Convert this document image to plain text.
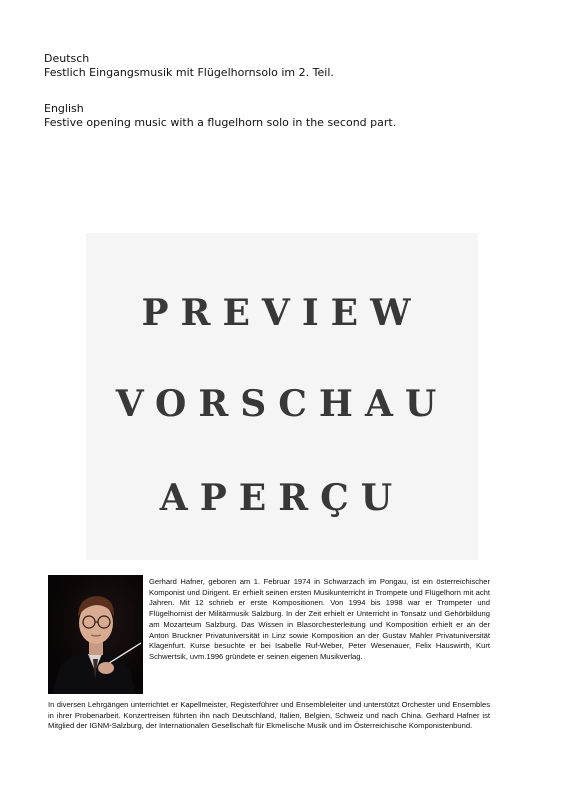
Deutsch
Festlich Eingangsmusik mit Flügelhornsolo im 2. Teil.
English
Festive opening music with a flugelhorn solo in the second part.
PREVIEW
VORSCHAU
APERÇU
Gerhard Hafner, geboren am 1. Februar 1974 in Schwarzach im Pongau, ist ein österreichischer Komponist und Dirigent. Er erhielt seinen ersten Musikunterricht in Trompete und Flügelhorn mit acht Jahren. Mit 12 schrieb er erste Kompositionen. Von 1994 bis 1998 war er Trompeter und Flügelhornist der Militärmusik Salzburg. In der Zeit erhielt er Unterricht in Tonsatz und Gehörbildung am Mozarteum Salzburg. Das Wissen in Blasorchesterleitung und Komposition erhielt er an der Anton Bruckner Privatuniversität in Linz sowie Komposition an der Gustav Mahler Privatuniversität Klagenfurt. Kurse besuchte er bei Isabelle Ruf-Weber, Peter Wesenauer, Felix Hauswirth, Kurt Schwertsik, uvm.1996 gründete er seinen eigenen Musikverlag.
In diversen Lehrgängen unterrichtet er Kapellmeister, Registerführer und Ensembleleiter und unterstützt Orchester und Ensembles in ihrer Probenarbeit. Konzertreisen führten ihn nach Deutschland, Italien, Belgien, Schweiz und nach China. Gerhard Hafner ist Mitglied der IGNM-Salzburg, der Internationalen Gesellschaft für Ekmelische Musik und im Österreichische Komponistenbund.
